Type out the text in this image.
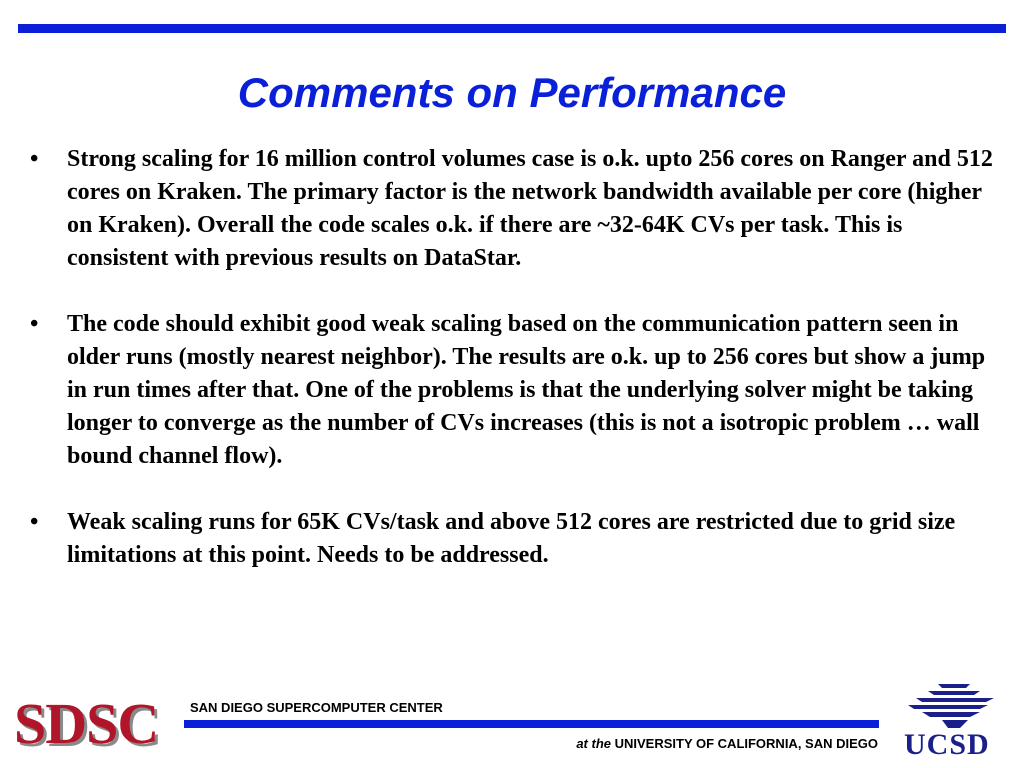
Comments on Performance
•	Strong scaling for 16 million control volumes case is o.k. upto 256 cores on Ranger and 512 cores on Kraken. The primary factor is the network bandwidth available per core (higher on Kraken). Overall the code scales o.k. if there are ~32-64K CVs per task. This is consistent with previous results on DataStar.
•	The code should exhibit good weak scaling based on the communication pattern seen in older runs (mostly nearest neighbor). The results are o.k. up to 256 cores but show a jump in run times after that. One of the problems is that the underlying solver might be taking longer to converge as the number of CVs increases (this is not a isotropic problem … wall bound channel flow).
•	Weak scaling runs for 65K CVs/task and above 512 cores are restricted due to grid size limitations at this point. Needs to be addressed.
SDSC SAN DIEGO SUPERCOMPUTER CENTER
at the UNIVERSITY OF CALIFORNIA, SAN DIEGO UCSD
